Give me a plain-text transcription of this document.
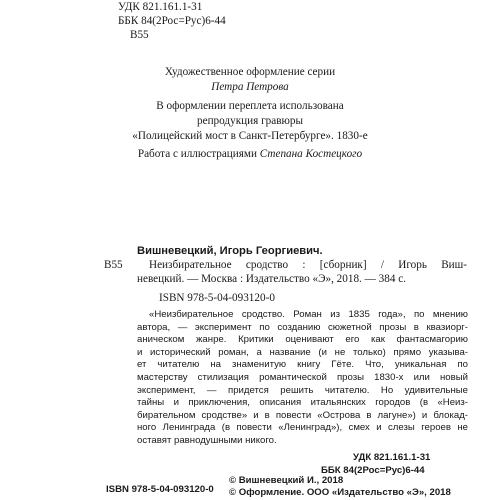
УДК 821.161.1-31
ББК 84(2Рос=Рус)6-44
В55
Художественное оформление серии
Петра Петрова
В оформлении переплета использована
репродукция гравюры
«Полицейский мост в Санкт-Петербурге». 1830-е
Работа с иллюстрациями Степана Костецкого
Вишневецкий, Игорь Георгиевич.
В55 Неизбирательное сродство : [сборник] / Игорь Виш-
невецкий. — Москва : Издательство «Э», 2018. — 384 с.
ISBN 978-5-04-093120-0
«Неизбирательное сродство. Роман из 1835 года», по мнению
автора, — эксперимент по созданию сюжетной прозы в квазиорг-
аническом жанре. Критики оценивают его как фантасмагорию
и исторический роман, а название (и не только) прямо указыва-
ет читателю на знаменитую книгу Гёте. Что, уникальная по
мастерству стилизация романтической прозы 1830-х или новый
эксперимент, — придется решить читателю. Но удивительные
тайны и приключения, описания итальянских городов (в «Неиз-
бирательном сродстве» и в повести «Острова в лагуне») и блокад-
ного Ленинграда (в повести «Ленинград»), смех и слезы героев не
оставят равнодушными никого.
УДК 821.161.1-31
ББК 84(2Рос=Рус)6-44
ISBN 978-5-04-093120-0
© Вишневецкий И., 2018
© Оформление. ООО «Издательство «Э», 2018
